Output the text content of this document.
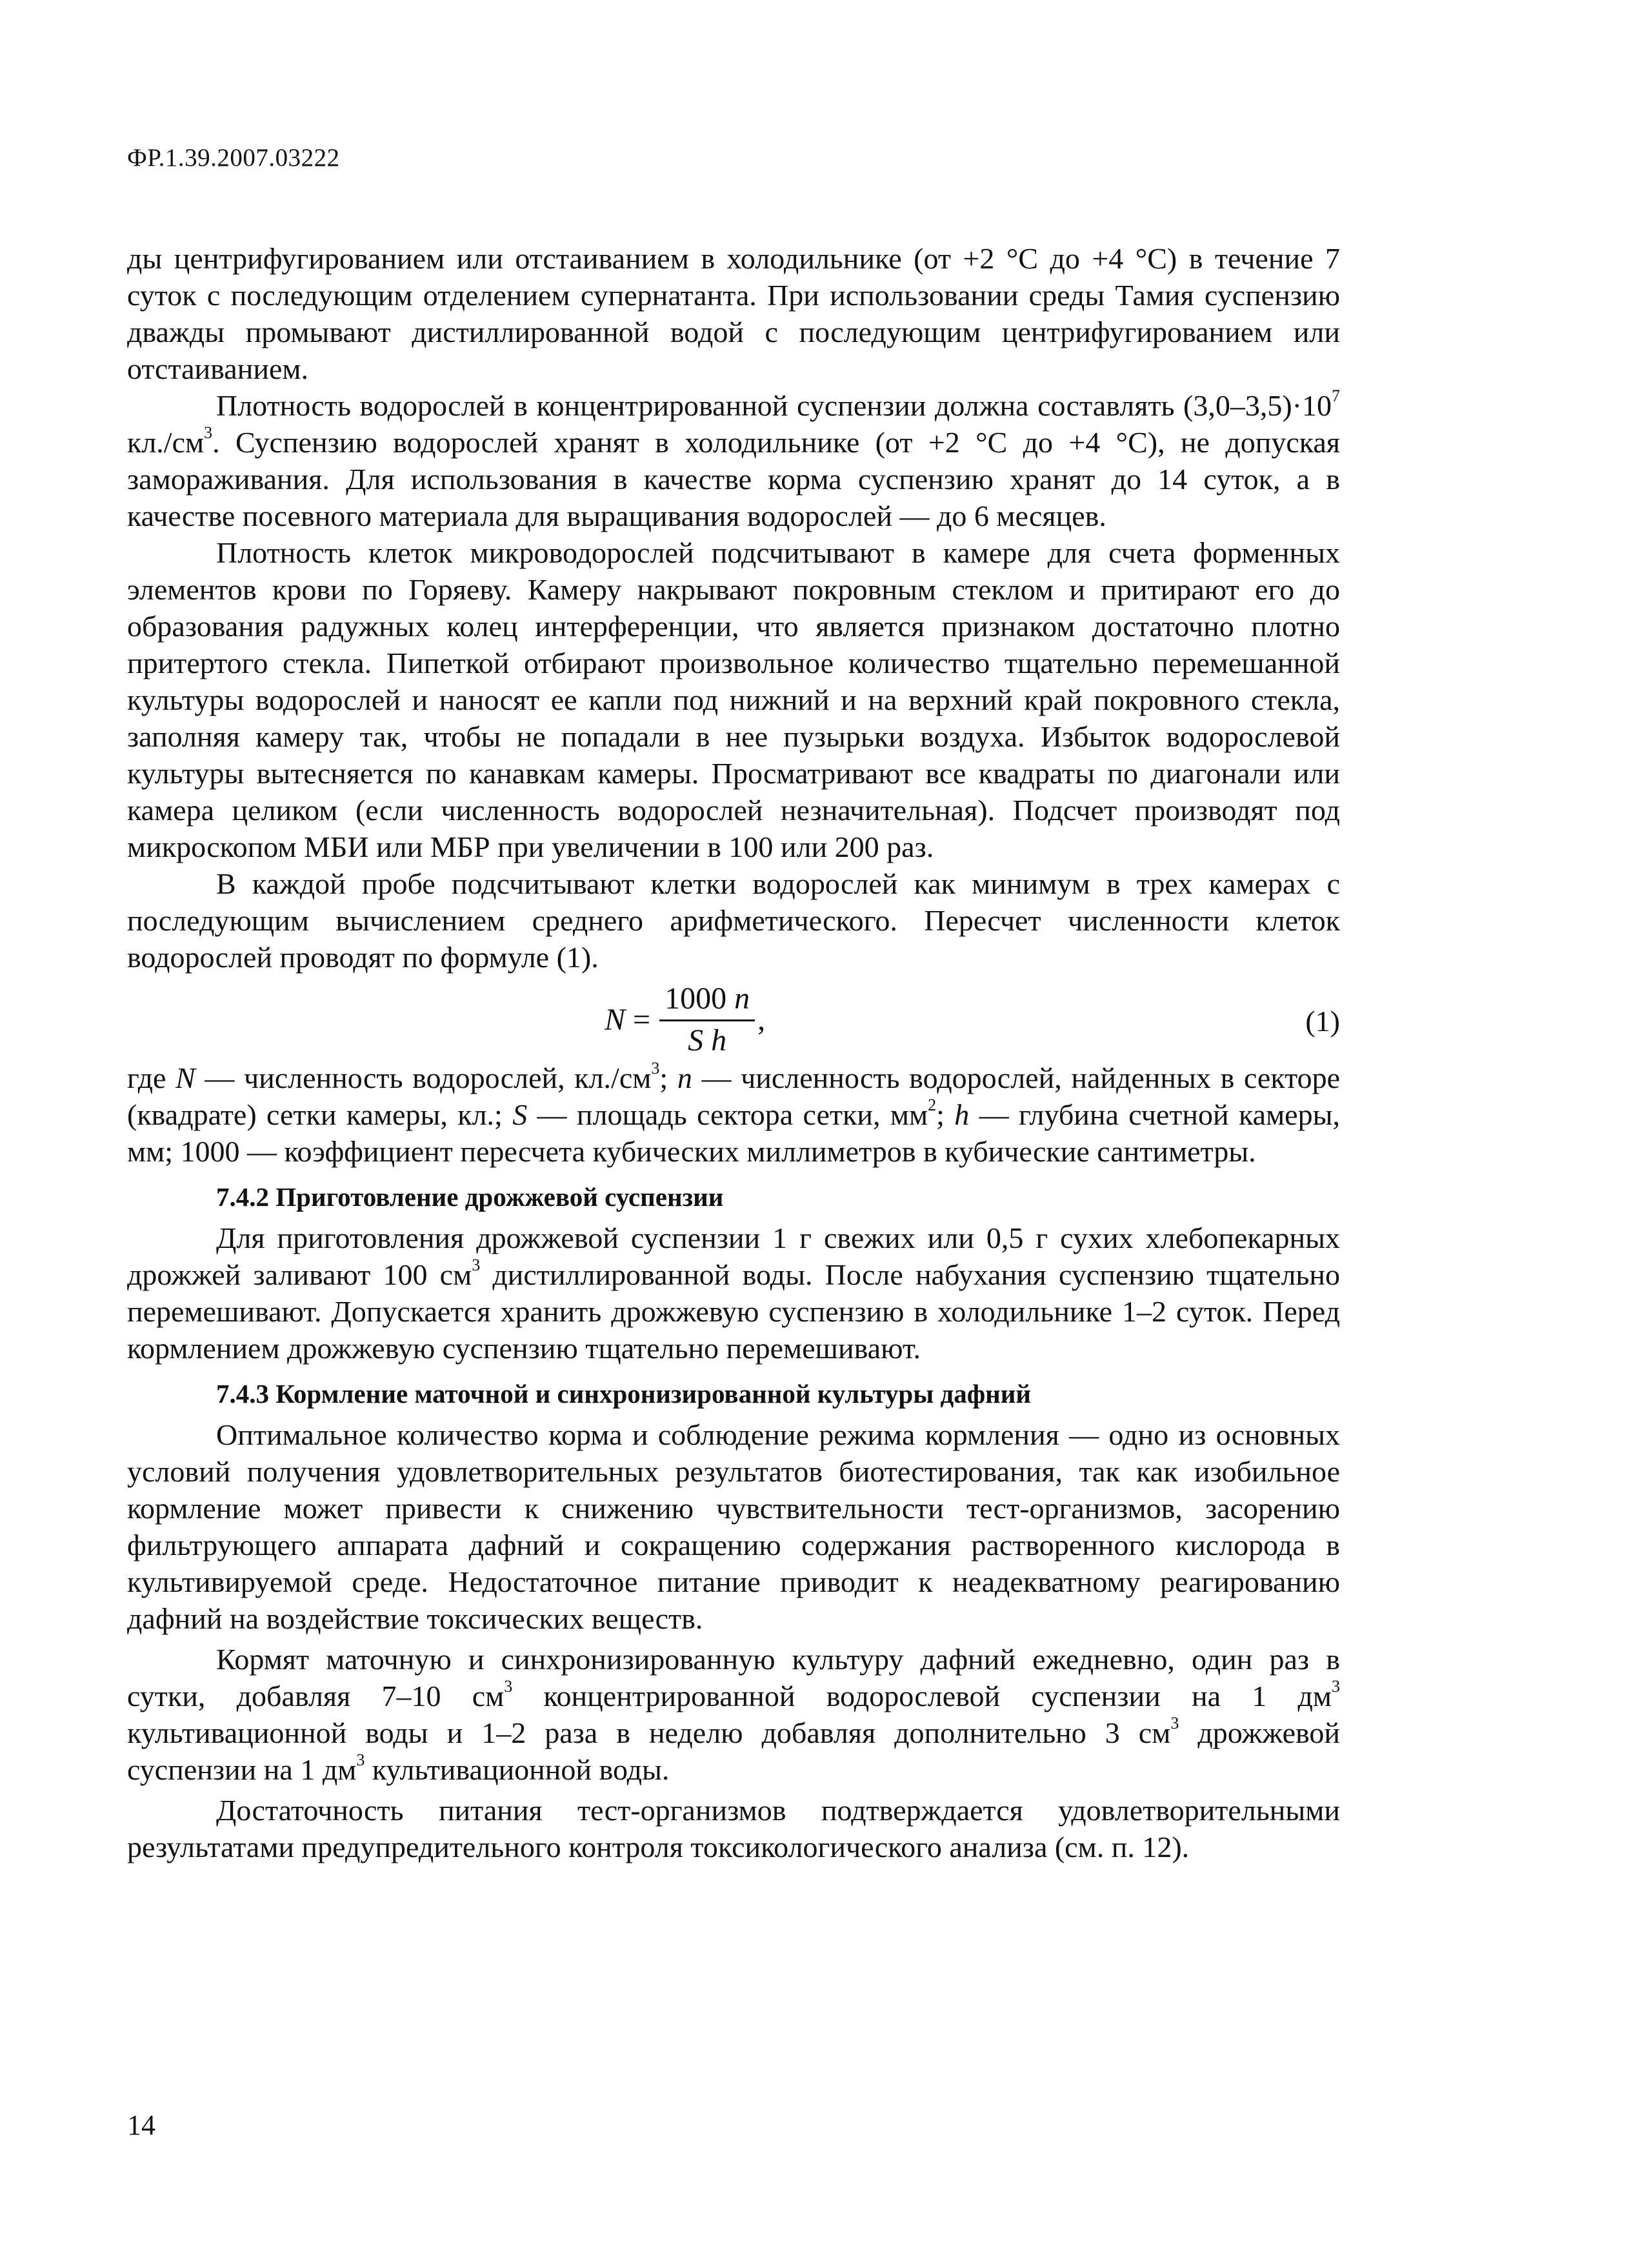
ФР.1.39.2007.03222

ды центрифугированием или отстаиванием в холодильнике (от +2 °С до +4 °С) в течение 7 суток с последующим отделением супернатанта. При использовании среды Тамия суспензию дважды промывают дистиллированной водой с последующим центрифугированием или отстаиванием.

Плотность водорослей в концентрированной суспензии должна составлять $(3,0-3,5)\cdot 10^7$ $кл./см^3$. Суспензию водорослей хранят в холодильнике (от +2 °С до +4 °С), не допуская замораживания. Для использования в качестве корма суспензию хранят до 14 суток, а в качестве посевного материала для выращивания водорослей — до 6 месяцев.

Плотность клеток микроводорослей подсчитывают в камере для счета форменных элементов крови по Горяеву. Камеру накрывают покровным стеклом и притирают его до образования радужных колец интерференции, что является признаком достаточно плотно притертого стекла. Пипеткой отбирают произвольное количество тщательно перемешанной культуры водорослей и наносят ее капли под нижний и на верхний край покровного стекла, заполняя камеру так, чтобы не попадали в нее пузырьки воздуха. Избыток водорослевой культуры вытесняется по канавкам камеры. Просматривают все квадраты по диагонали или камера целиком (если численность водорослей незначительная). Подсчет производят под микроскопом МБИ или МБР при увеличении в 100 или 200 раз.

В каждой пробе подсчитывают клетки водорослей как минимум в трех камерах с последующим вычислением среднего арифметического. Пересчет численности клеток водорослей проводят по формуле (1).

$N = \frac{1000 n}{\text{S h}}$ ,	(1)

где N — численность водорослей, $кл./см^3$; n — численность водорослей, найденных в секторе (квадрате) сетки камеры, кл.; S — площадь сектора сетки, $мм^2$; h — глубина счетной камеры, мм; 1000 — коэффициент пересчета кубических миллиметров в кубические сантиметры.

7.4.2 Приготовление дрожжевой суспензии

Для приготовления дрожжевой суспензии 1 г свежих или 0,5 г сухих хлебопекарных дрожжей заливают 100 $см^3$ дистиллированной воды. После набухания суспензию тщательно перемешивают. Допускается хранить дрожжевую суспензию в холодильнике 1–2 суток. Перед кормлением дрожжевую суспензию тщательно перемешивают.

7.4.3 Кормление маточной и синхронизированной культуры дафний

Оптимальное количество корма и соблюдение режима кормления — одно из основных условий получения удовлетворительных результатов биотестирования, так как изобильное кормление может привести к снижению чувствительности тест-организмов, засорению фильтрующего аппарата дафний и сокращению содержания растворенного кислорода в культивируемой среде. Недостаточное питание приводит к неадекватному реагированию дафний на воздействие токсических веществ.

Кормят маточную и синхронизированную культуру дафний ежедневно, один раз в сутки, добавляя 7–10 $см^3$ концентрированной водорослевой суспензии на 1 $дм^3$ культивационной воды и 1–2 раза в неделю добавляя дополнительно 3 $см^3$ дрожжевой суспензии на 1 $дм^3$ культивационной воды.

Достаточность питания тест-организмов подтверждается удовлетворительными результатами предупредительного контроля токсикологического анализа (см. п. 12).

14
